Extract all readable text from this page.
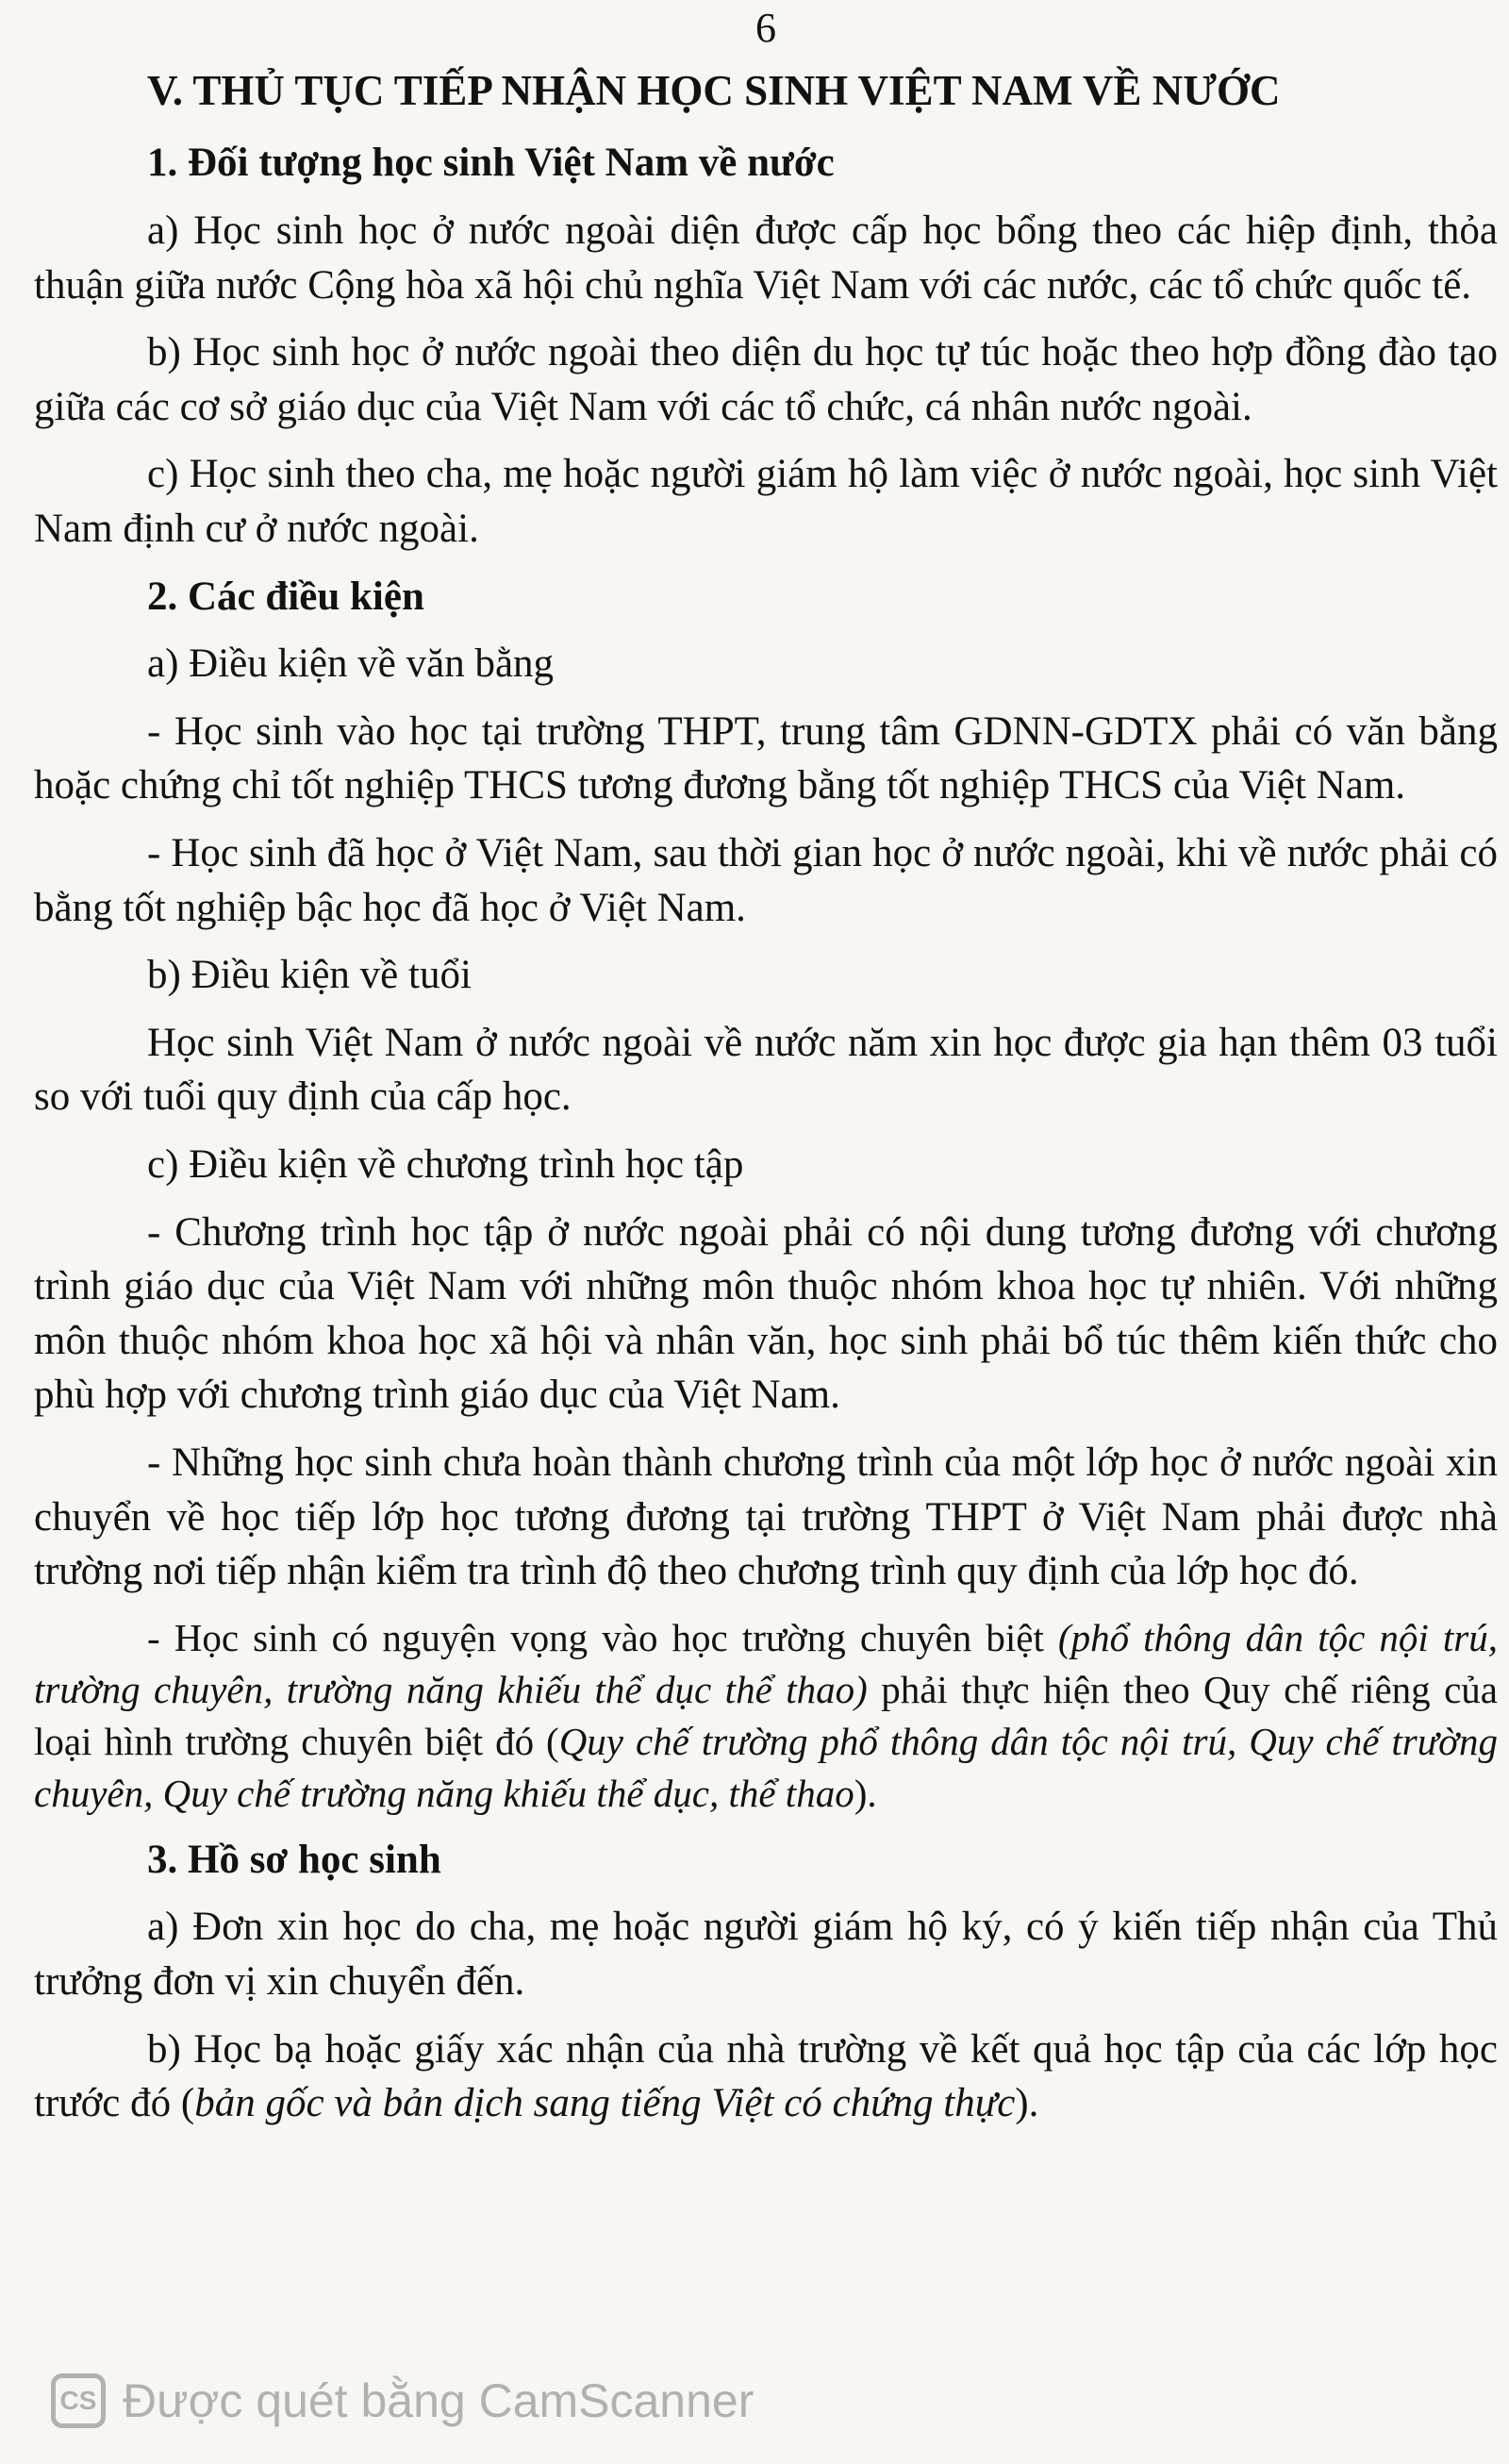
6

V. THỦ TỤC TIẾP NHẬN HỌC SINH VIỆT NAM VỀ NƯỚC

1. Đối tượng học sinh Việt Nam về nước

a) Học sinh học ở nước ngoài diện được cấp học bổng theo các hiệp định, thỏa thuận giữa nước Cộng hòa xã hội chủ nghĩa Việt Nam với các nước, các tổ chức quốc tế.

b) Học sinh học ở nước ngoài theo diện du học tự túc hoặc theo hợp đồng đào tạo giữa các cơ sở giáo dục của Việt Nam với các tổ chức, cá nhân nước ngoài.

c) Học sinh theo cha, mẹ hoặc người giám hộ làm việc ở nước ngoài, học sinh Việt Nam định cư ở nước ngoài.

2. Các điều kiện

a) Điều kiện về văn bằng

- Học sinh vào học tại trường THPT, trung tâm GDNN-GDTX phải có văn bằng hoặc chứng chỉ tốt nghiệp THCS tương đương bằng tốt nghiệp THCS của Việt Nam.

- Học sinh đã học ở Việt Nam, sau thời gian học ở nước ngoài, khi về nước phải có bằng tốt nghiệp bậc học đã học ở Việt Nam.

b) Điều kiện về tuổi

Học sinh Việt Nam ở nước ngoài về nước năm xin học được gia hạn thêm 03 tuổi so với tuổi quy định của cấp học.

c) Điều kiện về chương trình học tập

- Chương trình học tập ở nước ngoài phải có nội dung tương đương với chương trình giáo dục của Việt Nam với những môn thuộc nhóm khoa học tự nhiên. Với những môn thuộc nhóm khoa học xã hội và nhân văn, học sinh phải bổ túc thêm kiến thức cho phù hợp với chương trình giáo dục của Việt Nam.

- Những học sinh chưa hoàn thành chương trình của một lớp học ở nước ngoài xin chuyển về học tiếp lớp học tương đương tại trường THPT ở Việt Nam phải được nhà trường nơi tiếp nhận kiểm tra trình độ theo chương trình quy định của lớp học đó.

- Học sinh có nguyện vọng vào học trường chuyên biệt (phổ thông dân tộc nội trú, trường chuyên, trường năng khiếu thể dục thể thao) phải thực hiện theo Quy chế riêng của loại hình trường chuyên biệt đó (Quy chế trường phổ thông dân tộc nội trú, Quy chế trường chuyên, Quy chế trường năng khiếu thể dục, thể thao).

3. Hồ sơ học sinh

a) Đơn xin học do cha, mẹ hoặc người giám hộ ký, có ý kiến tiếp nhận của Thủ trưởng đơn vị xin chuyển đến.

b) Học bạ hoặc giấy xác nhận của nhà trường về kết quả học tập của các lớp học trước đó (bản gốc và bản dịch sang tiếng Việt có chứng thực).

CS Được quét bằng CamScanner
